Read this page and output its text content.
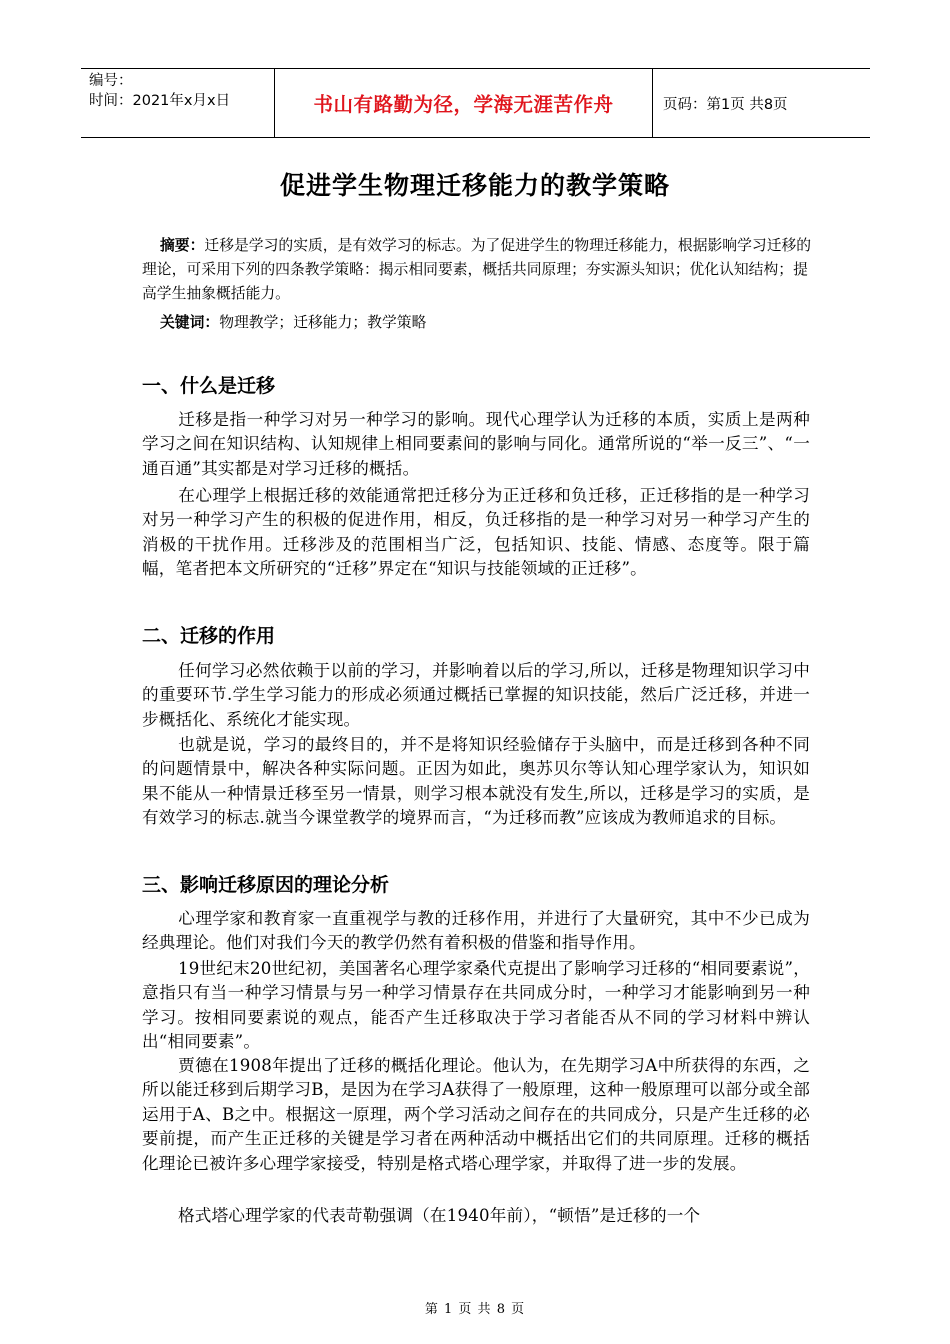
编号：
时间：2021年x月x日	书山有路勤为径，学海无涯苦作舟	页码：第1页 共8页
促进学生物理迁移能力的教学策略
摘要：迁移是学习的实质，是有效学习的标志。为了促进学生的物理迁移能力，根据影响学习迁移的理论，可采用下列的四条教学策略：揭示相同要素，概括共同原理；夯实源头知识；优化认知结构；提高学生抽象概括能力。
关键词：物理教学；迁移能力；教学策略
一、什么是迁移
迁移是指一种学习对另一种学习的影响。现代心理学认为迁移的本质，实质上是两种学习之间在知识结构、认知规律上相同要素间的影响与同化。通常所说的“举一反三”、“一通百通”其实都是对学习迁移的概括。
在心理学上根据迁移的效能通常把迁移分为正迁移和负迁移，正迁移指的是一种学习对另一种学习产生的积极的促进作用，相反，负迁移指的是一种学习对另一种学习产生的消极的干扰作用。迁移涉及的范围相当广泛，包括知识、技能、情感、态度等。限于篇幅，笔者把本文所研究的“迁移”界定在“知识与技能领域的正迁移”。
二、迁移的作用
任何学习必然依赖于以前的学习，并影响着以后的学习,所以，迁移是物理知识学习中的重要环节.学生学习能力的形成必须通过概括已掌握的知识技能，然后广泛迁移，并进一步概括化、系统化才能实现。
也就是说，学习的最终目的，并不是将知识经验储存于头脑中，而是迁移到各种不同的问题情景中，解决各种实际问题。正因为如此，奥苏贝尔等认知心理学家认为，知识如果不能从一种情景迁移至另一情景，则学习根本就没有发生,所以，迁移是学习的实质，是有效学习的标志.就当今课堂教学的境界而言，“为迁移而教”应该成为教师追求的目标。
三、影响迁移原因的理论分析
心理学家和教育家一直重视学与教的迁移作用，并进行了大量研究，其中不少已成为经典理论。他们对我们今天的教学仍然有着积极的借鉴和指导作用。
19世纪末20世纪初，美国著名心理学家桑代克提出了影响学习迁移的“相同要素说”，意指只有当一种学习情景与另一种学习情景存在共同成分时，一种学习才能影响到另一种学习。按相同要素说的观点，能否产生迁移取决于学习者能否从不同的学习材料中辨认出“相同要素”。
贾德在1908年提出了迁移的概括化理论。他认为，在先期学习A中所获得的东西，之所以能迁移到后期学习B，是因为在学习A获得了一般原理，这种一般原理可以部分或全部运用于A、B之中。根据这一原理，两个学习活动之间存在的共同成分，只是产生迁移的必要前提，而产生正迁移的关键是学习者在两种活动中概括出它们的共同原理。迁移的概括化理论已被许多心理学家接受，特别是格式塔心理学家，并取得了进一步的发展。
格式塔心理学家的代表苛勒强调（在1940年前），“顿悟”是迁移的一个
第 1 页 共 8 页
